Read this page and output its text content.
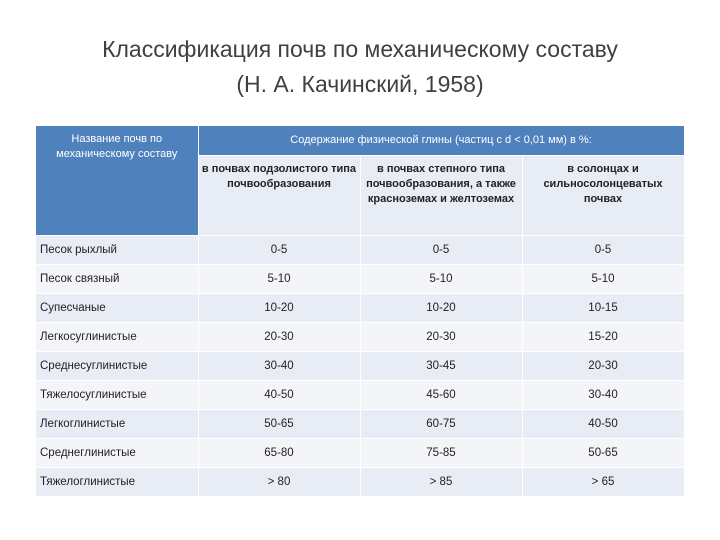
Классификация почв по механическому составу
(Н. А. Качинский, 1958)
Название почв по механическому составу	Содержание физической глины (частиц с d < 0,01 мм) в %:		
	в почвах подзолистого типа почвообразования	в почвах степного типа почвообразования, а также красноземах и желтоземах	в солонцах и сильносолонцеватых почвах
Песок рыхлый	0-5	0-5	0-5
Песок связный	5-10	5-10	5-10
Супесчаные	10-20	10-20	10-15
Легкосуглинистые	20-30	20-30	15-20
Среднесуглинистые	30-40	30-45	20-30
Тяжелосуглинистые	40-50	45-60	30-40
Легкоглинистые	50-65	60-75	40-50
Среднеглинистые	65-80	75-85	50-65
Тяжелоглинистые	> 80	> 85	> 65
